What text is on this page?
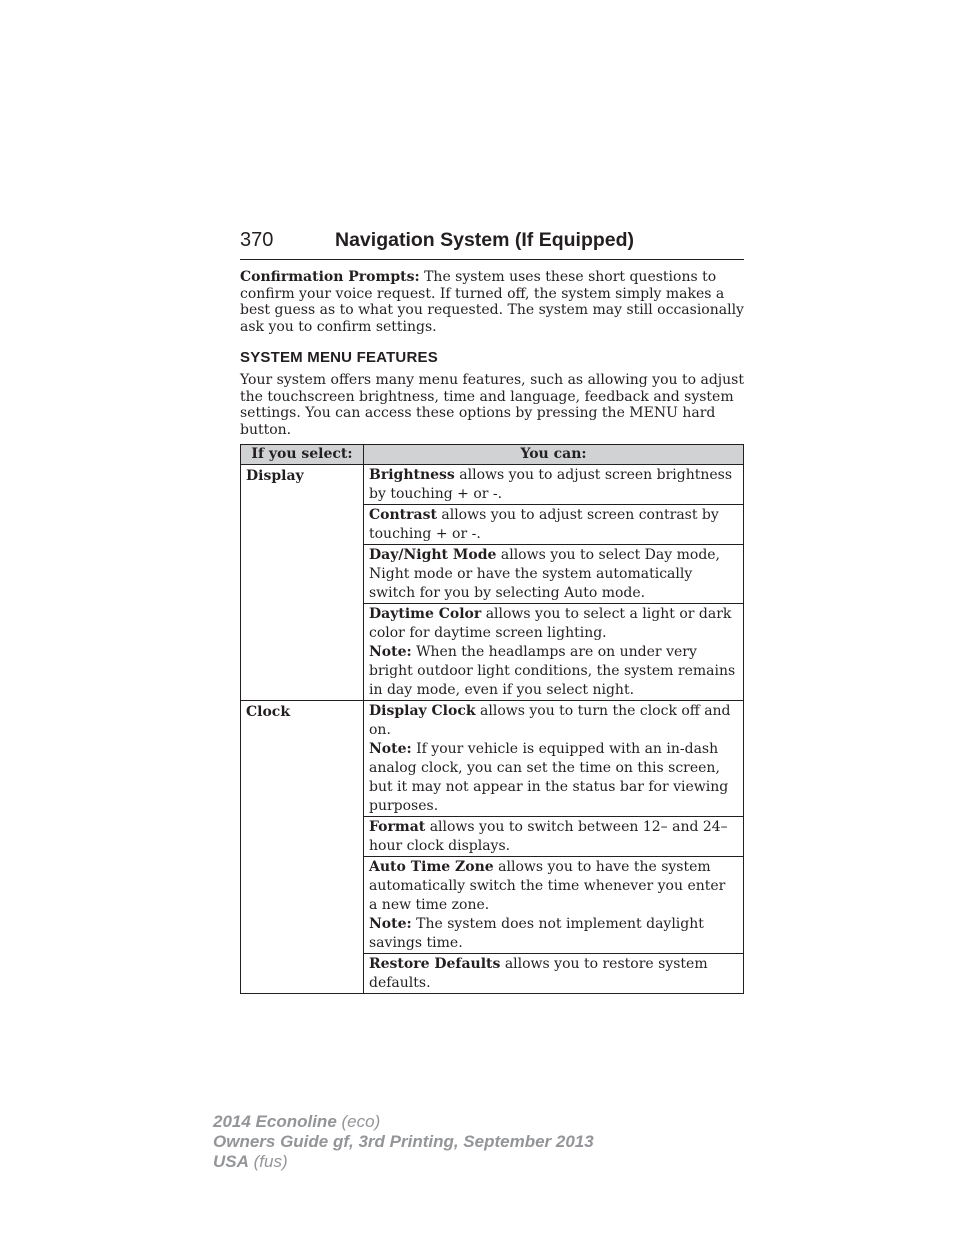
370	Navigation System (If Equipped)

Confirmation Prompts: The system uses these short questions to confirm your voice request. If turned off, the system simply makes a best guess as to what you requested. The system may still occasionally ask you to confirm settings.

SYSTEM MENU FEATURES

Your system offers many menu features, such as allowing you to adjust the touchscreen brightness, time and language, feedback and system settings. You can access these options by pressing the MENU hard button.

If you select:	You can:
Display	Brightness allows you to adjust screen brightness by touching + or -.
	Contrast allows you to adjust screen contrast by touching + or -.
	Day/Night Mode allows you to select Day mode, Night mode or have the system automatically switch for you by selecting Auto mode.

	Daytime Color allows you to select a light or dark color for daytime screen lighting.
Note: When the headlamps are on under very bright outdoor light conditions, the system remains in day mode, even if you select night.

Clock	Display Clock allows you to turn the clock off and on.
Note: If your vehicle is equipped with an in-dash analog clock, you can set the time on this screen, but it may not appear in the status bar for viewing purposes.

	Format allows you to switch between 12– and 24–hour clock displays.

	Auto Time Zone allows you to have the system automatically switch the time whenever you enter a new time zone.
Note: The system does not implement daylight savings time.

	Restore Defaults allows you to restore system defaults.
2014 Econoline (eco)
Owners Guide gf, 3rd Printing, September 2013
USA (fus)
